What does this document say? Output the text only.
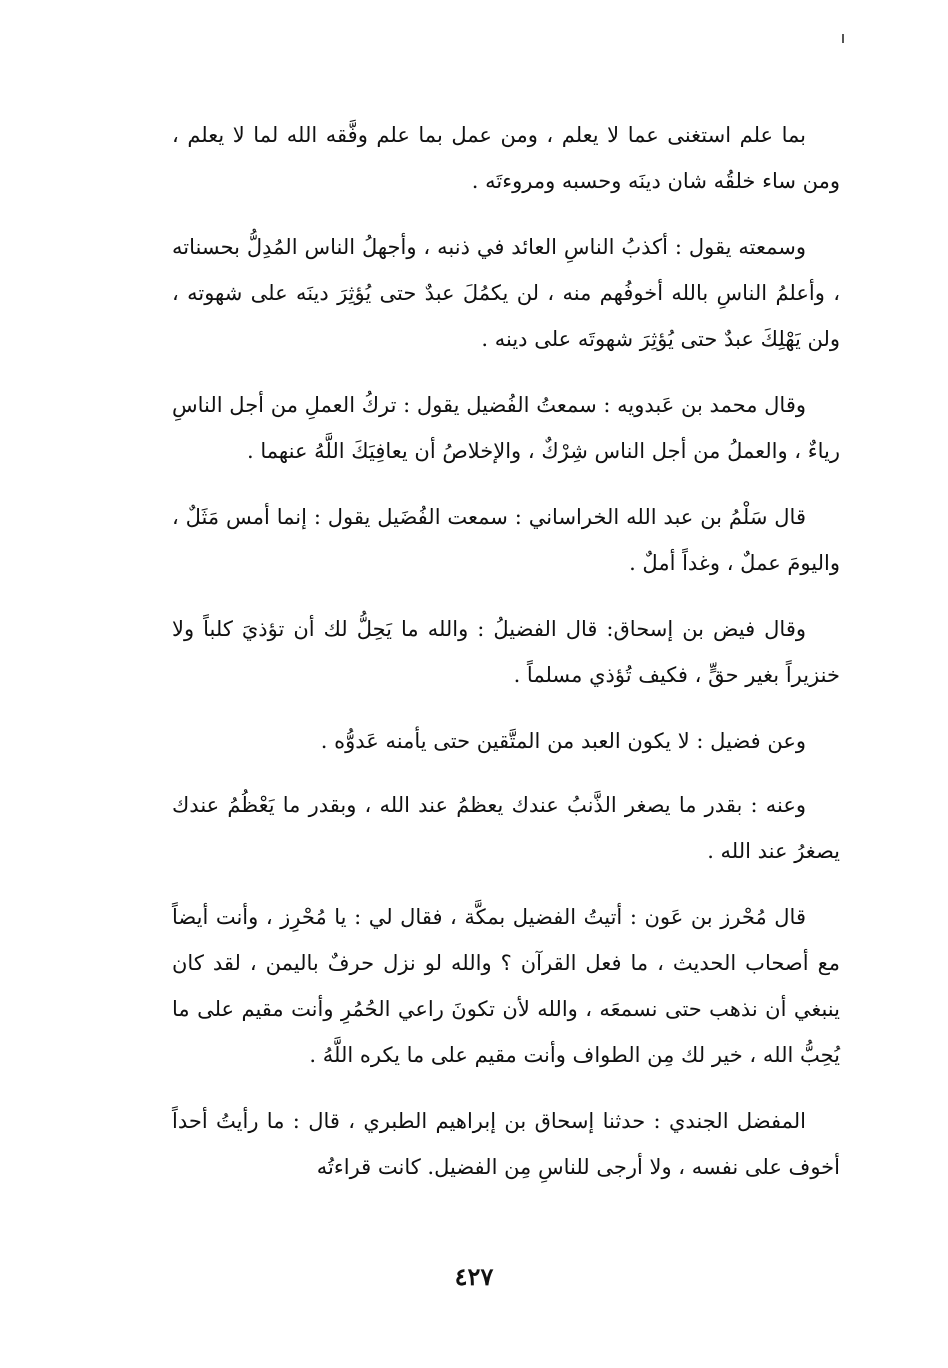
بما علم استغنى عما لا يعلم ، ومن عمل بما علم وفَّقه الله لما لا يعلم ، ومن ساء خلقُه شان دينَه وحسبه ومروءتَه .

وسمعته يقول : أكذبُ الناسِ العائد في ذنبه ، وأجهلُ الناس المُدِلُّ بحسناته ، وأعلمُ الناسِ بالله أخوفُهم منه ، لن يكمُلَ عبدٌ حتى يُؤثِرَ دينَه على شهوته ، ولن يَهْلِكَ عبدٌ حتى يُؤثِرَ شهوتَه على دينه .

وقال محمد بن عَبدويه : سمعتُ الفُضيل يقول : تركُ العملِ من أجل الناسِ رياءٌ ، والعملُ من أجل الناس شِرْكٌ ، والإخلاصُ أن يعافِيَكَ اللَّهُ عنهما .

قال سَلْمُ بن عبد الله الخراساني : سمعت الفُضَيل يقول : إنما أمس مَثَلٌ ، واليومَ عملٌ ، وغداً أملٌ .

وقال فيض بن إسحاق: قال الفضيلُ : والله ما يَحِلُّ لك أن تؤذيَ كلباً ولا خنزيراً بغير حقٍّ ، فكيف تُؤذي مسلماً .

وعن فضيل : لا يكون العبد من المتَّقين حتى يأمنه عَدوُّه .

وعنه : بقدر ما يصغر الذَّنبُ عندك يعظمُ عند الله ، وبقدر ما يَعْظُمُ عندك يصغرُ عند الله .

قال مُحْرز بن عَون : أتيتُ الفضيل بمكَّة ، فقال لي : يا مُحْرِز ، وأنت أيضاً مع أصحاب الحديث ، ما فعل القرآن ؟ والله لو نزل حرفٌ باليمن ، لقد كان ينبغي أن نذهب حتى نسمعَه ، والله لأن تكونَ راعي الحُمُرِ وأنت مقيم على ما يُحِبُّ الله ، خير لك مِن الطواف وأنت مقيم على ما يكره اللَّهُ .

المفضل الجندي : حدثنا إسحاق بن إبراهيم الطبري ، قال : ما رأيتُ أحداً أخوف على نفسه ، ولا أرجى للناسِ مِن الفضيل. كانت قراءتُه

٤٢٧
